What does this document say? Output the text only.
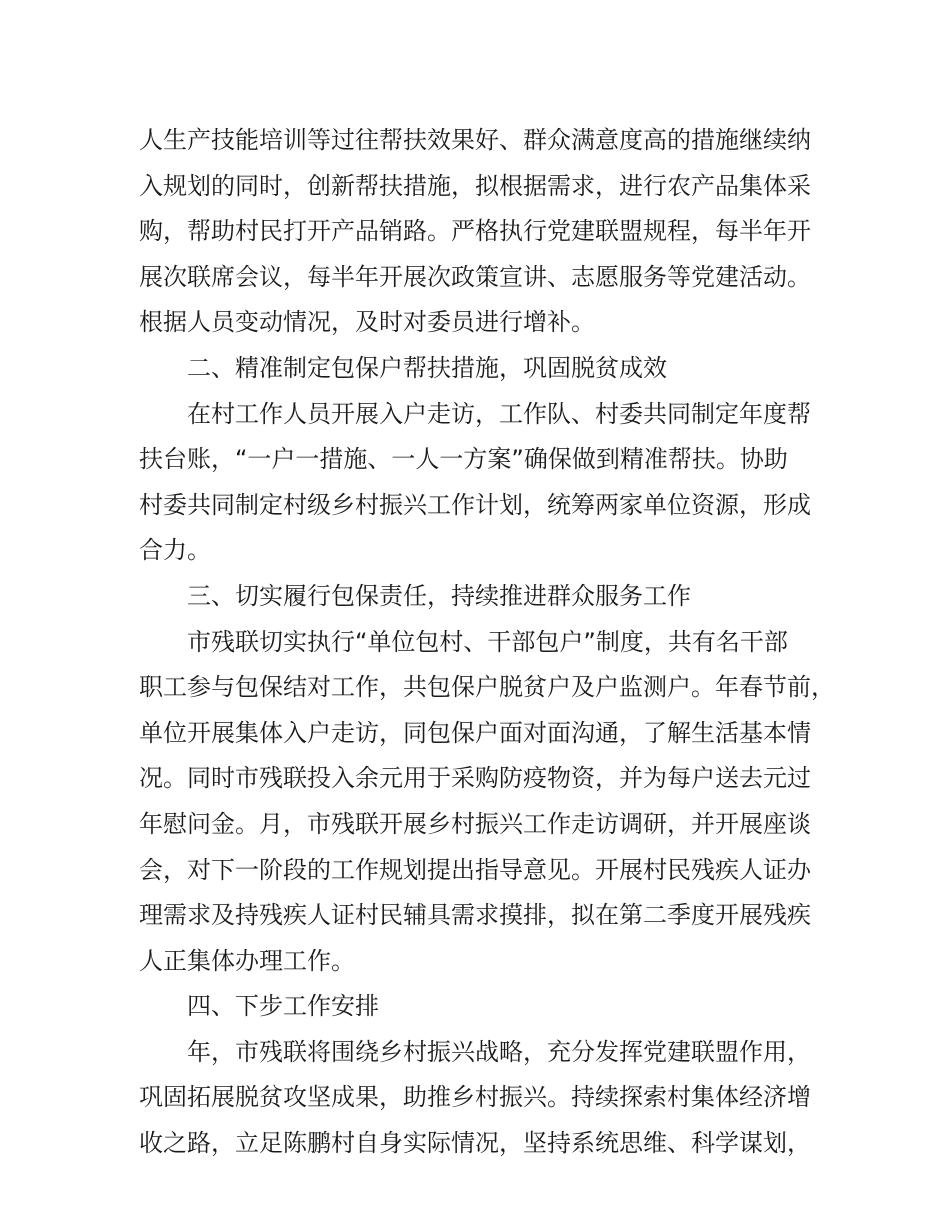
人生产技能培训等过往帮扶效果好、群众满意度高的措施继续纳
入规划的同时，创新帮扶措施，拟根据需求，进行农产品集体采
购，帮助村民打开产品销路。严格执行党建联盟规程，每半年开
展次联席会议，每半年开展次政策宣讲、志愿服务等党建活动。
根据人员变动情况，及时对委员进行增补。
二、精准制定包保户帮扶措施，巩固脱贫成效
在村工作人员开展入户走访，工作队、村委共同制定年度帮
扶台账，“一户一措施、一人一方案”确保做到精准帮扶。协助
村委共同制定村级乡村振兴工作计划，统筹两家单位资源，形成
合力。
三、切实履行包保责任，持续推进群众服务工作
市残联切实执行“单位包村、干部包户”制度，共有名干部
职工参与包保结对工作，共包保户脱贫户及户监测户。年春节前，
单位开展集体入户走访，同包保户面对面沟通，了解生活基本情
况。同时市残联投入余元用于采购防疫物资，并为每户送去元过
年慰问金。月，市残联开展乡村振兴工作走访调研，并开展座谈
会，对下一阶段的工作规划提出指导意见。开展村民残疾人证办
理需求及持残疾人证村民辅具需求摸排，拟在第二季度开展残疾
人正集体办理工作。
四、下步工作安排
年，市残联将围绕乡村振兴战略，充分发挥党建联盟作用，
巩固拓展脱贫攻坚成果，助推乡村振兴。持续探索村集体经济增
收之路，立足陈鹏村自身实际情况，坚持系统思维、科学谋划，
